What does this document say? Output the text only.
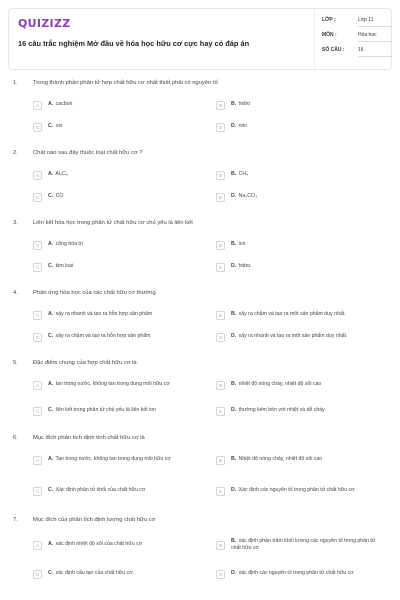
QUIZIZZ
16 câu trắc nghiệm Mở đầu về hóa học hữu cơ cực hay có đáp án
LỚP :	Lớp 11
MÔN :	Hóa học
SỐ CÂU :	16
1.	Trong thành phần phân tử hợp chất hữu cơ nhất thiết phải có nguyên tố
A A. cacbon	B B. hidro
C C. oxi	D D. nito
2.	Chất nào sau đây thuộc loại chất hữu cơ ?
A A. Al₄C₃	B B. CH₄
C C. CO	D D. Na₂CO₃
3.	Liên kết hóa học trong phân tử chất hữu cơ chủ yếu là liên kết
A A. cộng hóa trị	B B. ion
C C. kim loại	D D. hidro.
4.	Phản ứng hóa học của các chất hữu cơ thường
A A. xảy ra nhanh và tạo ra hỗn hợp sản phẩm	B B. xảy ra chậm và tạo ra một sản phẩm duy nhất.
C C. xảy ra chậm và tạo ra hỗn hợp sản phẩm	D D. xảy ra nhanh và tạo ra một sản phẩm duy nhất.
5.	Đặc điểm chung của hợp chất hữu cơ là
A A. tan trong nước, không tan trong dung môi hữu cơ	B B. nhiệt độ nóng chảy, nhiệt độ sôi cao
C C. liên kết trong phân tử chủ yếu là liên kết ion	D D. thường kém bền với nhiệt và dễ cháy
6.	Mục đích phân tích định tính chất hữu cơ là
A A. Tan trong nước, không tan trong dung môi hữu cơ	B B. Nhiệt độ nóng chảy, nhiệt độ sôi cao
C C. Xác định phân tử khối của chất hữu cơ	D D. Xác định các nguyên tố trong phân tử chất hữu cơ
7.	Mục đích của phân tích định lượng chất hữu cơ
A A. xác định nhiệt độ sôi của chất hữu cơ	B
B. xác định phần trăm khối lượng các nguyên tố trong phân tử chất hữu cơ
C C. xác định cấu tạo của chất hữu cơ.	D D. xác định các nguyên tố trong phân tử chất hữu cơ
